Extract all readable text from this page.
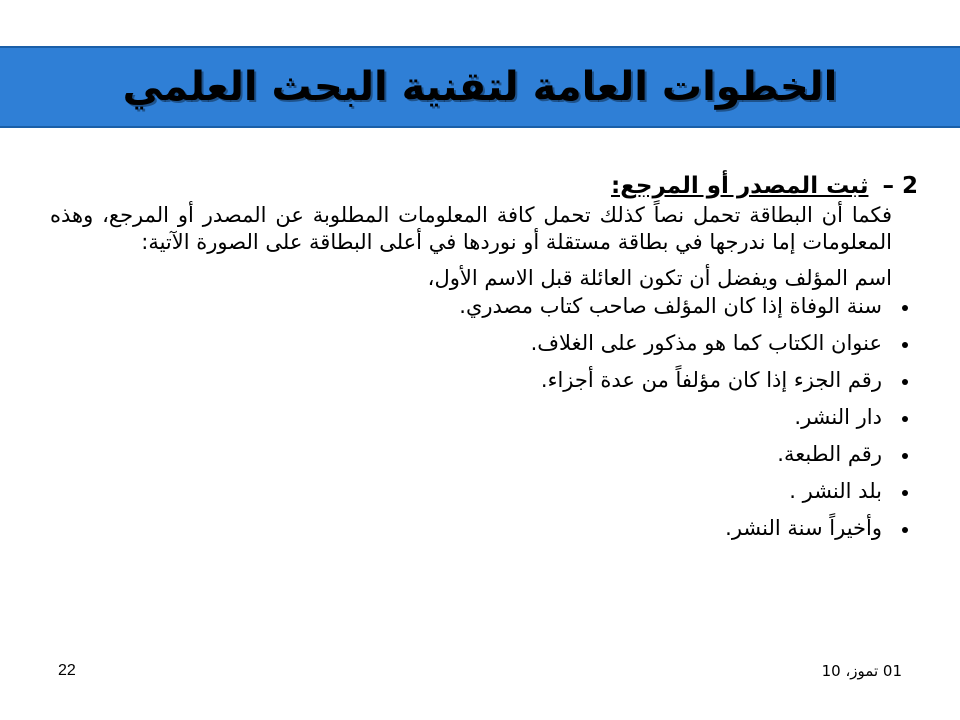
الخطوات العامة لتقنية البحث العلمي
2 – ثبت المصدر أو المرجع:
فكما أن البطاقة تحمل نصاً كذلك تحمل كافة المعلومات المطلوبة عن المصدر أو المرجع، وهذه المعلومات إما ندرجها في بطاقة مستقلة أو نوردها في أعلى البطاقة على الصورة الآتية:
اسم المؤلف ويفضل أن تكون العائلة قبل الاسم الأول،
سنة الوفاة إذا كان المؤلف صاحب كتاب مصدري.
عنوان الكتاب كما هو مذكور على الغلاف.
رقم الجزء إذا كان مؤلفاً من عدة أجزاء.
دار النشر.
رقم الطبعة.
بلد النشر .
وأخيراً سنة النشر.
22	01 تموز، 10
